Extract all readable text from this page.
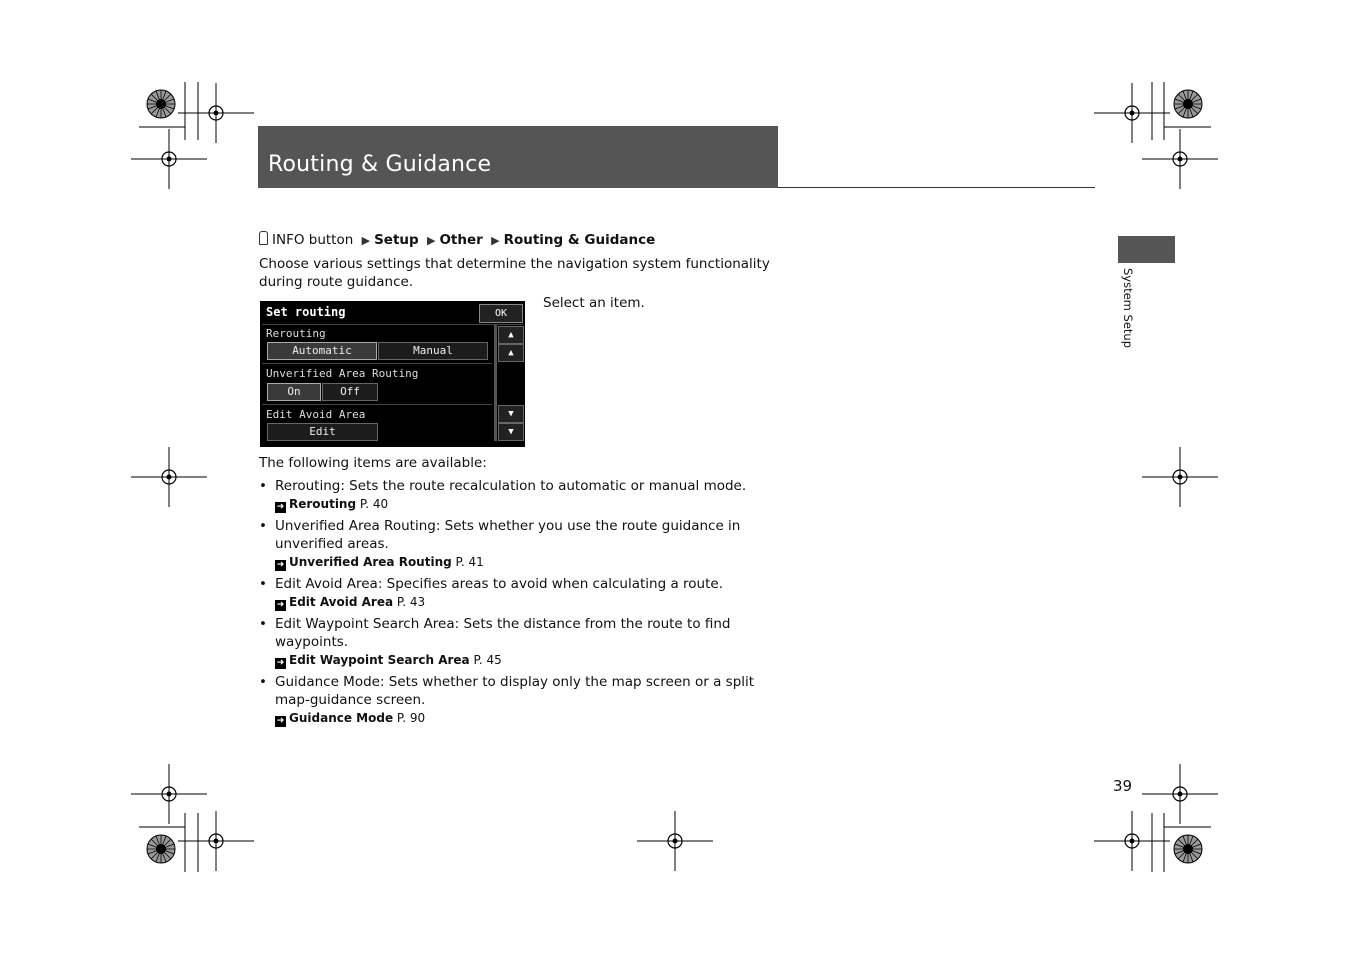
Routing & Guidance
System Setup
INFO button ▶ Setup ▶ Other ▶ Routing & Guidance
Choose various settings that determine the navigation system functionality during route guidance.
Set routing	OK
Rerouting
Automatic	Manual
Unverified Area Routing
On	Off
Edit Avoid Area
Edit
▲
▲
▼
▼
Select an item.
The following items are available:
• Rerouting: Sets the route recalculation to automatic or manual mode.
➜ Rerouting P. 40
• Unverified Area Routing: Sets whether you use the route guidance in unverified areas.
➜ Unverified Area Routing P. 41
• Edit Avoid Area: Specifies areas to avoid when calculating a route.
➜ Edit Avoid Area P. 43
• Edit Waypoint Search Area: Sets the distance from the route to find waypoints.
➜ Edit Waypoint Search Area P. 45
• Guidance Mode: Sets whether to display only the map screen or a split map-guidance screen.
➜ Guidance Mode P. 90
39
